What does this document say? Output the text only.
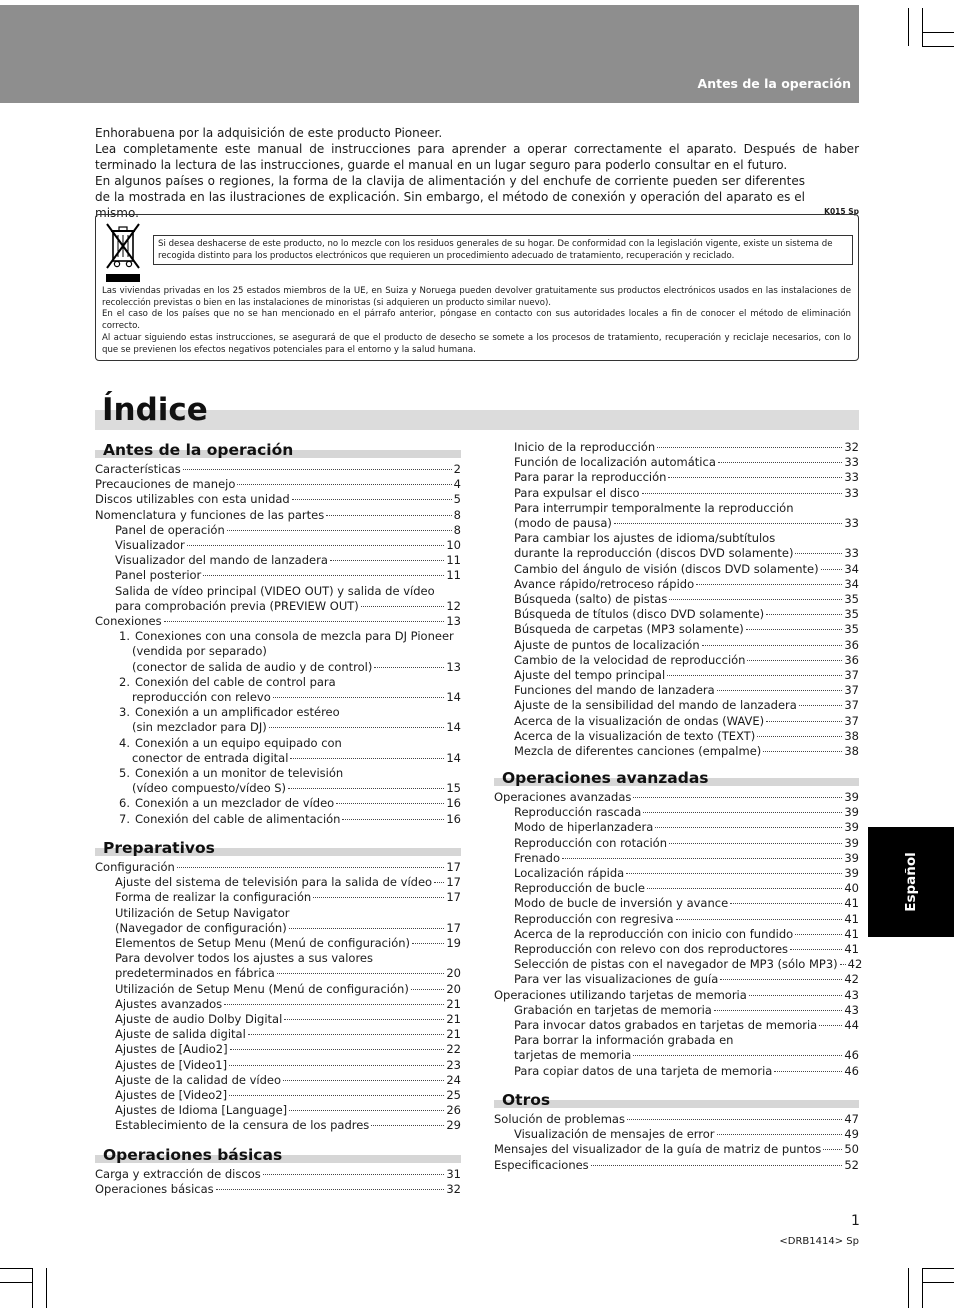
Antes de la operación

Enhorabuena por la adquisición de este producto Pioneer.

Lea completamente este manual de instrucciones para aprender a operar correctamente el aparato. Después de haber terminado la lectura de las instrucciones, guarde el manual en un lugar seguro para poderlo consultar en el futuro.

En algunos países o regiones, la forma de la clavija de alimentación y del enchufe de corriente pueden ser diferentes de la mostrada en las ilustraciones de explicación. Sin embargo, el método de conexión y operación del aparato es el mismo.	K015 Sp
Si desea deshacerse de este producto, no lo mezcle con los residuos generales de su hogar. De conformidad con la legislación vigente, existe un sistema de recogida distinto para los productos electrónicos que requieren un procedimiento adecuado de tratamiento, recuperación y reciclado.

Las viviendas privadas en los 25 estados miembros de la UE, en Suiza y Noruega pueden devolver gratuitamente sus productos electrónicos usados en las instalaciones de recolección previstas o bien en las instalaciones de minoristas (si adquieren un producto similar nuevo).

En el caso de los países que no se han mencionado en el párrafo anterior, póngase en contacto con sus autoridades locales a fin de conocer el método de eliminación correcto.

Al actuar siguiendo estas instrucciones, se asegurará de que el producto de desecho se somete a los procesos de tratamiento, recuperación y reciclaje necesarios, con lo que se previenen los efectos negativos potenciales para el entorno y la salud humana.

Índice
Antes de la operación
Características	2
Precauciones de manejo	4
Discos utilizables con esta unidad	5
Nomenclatura y funciones de las partes	8
Panel de operación	8
Visualizador	10
Visualizador del mando de lanzadera	11
Panel posterior	11
Salida de vídeo principal (VIDEO OUT) y salida de vídeo
para comprobación previa (PREVIEW OUT)	12
Conexiones	13
1. Conexiones con una consola de mezcla para DJ Pioneer
(vendida por separado)
(conector de salida de audio y de control)	13
2. Conexión del cable de control para
reproducción con relevo	14
3. Conexión a un amplificador estéreo
(sin mezclador para DJ)	14
4. Conexión a un equipo equipado con
conector de entrada digital	14
5. Conexión a un monitor de televisión
(vídeo compuesto/vídeo S)	15
6. Conexión a un mezclador de vídeo	16
7. Conexión del cable de alimentación	16
Preparativos
Configuración	17
Ajuste del sistema de televisión para la salida de vídeo 17
Forma de realizar la configuración	17
Utilización de Setup Navigator
(Navegador de configuración)	17
Elementos de Setup Menu (Menú de configuración)	19
Para devolver todos los ajustes a sus valores
predeterminados en fábrica	20
Utilización de Setup Menu (Menú de configuración)	20
Ajustes avanzados	21
Ajuste de audio Dolby Digital	21
Ajuste de salida digital	21
Ajustes de [Audio2]	22
Ajustes de [Video1]	23
Ajuste de la calidad de vídeo	24
Ajustes de [Video2]	25
Ajustes de Idioma [Language]	26
Establecimiento de la censura de los padres	29
Operaciones básicas
Carga y extracción de discos	31
Operaciones básicas	32
Inicio de la reproducción	32
Función de localización automática	33
Para parar la reproducción	33
Para expulsar el disco	33
Para interrumpir temporalmente la reproducción
(modo de pausa)	33
Para cambiar los ajustes de idioma/subtítulos
durante la reproducción (discos DVD solamente)	33
Cambio del ángulo de visión (discos DVD solamente) 34
Avance rápido/retroceso rápido	34
Búsqueda (salto) de pistas	35
Búsqueda de títulos (disco DVD solamente)	35
Búsqueda de carpetas (MP3 solamente)	35
Ajuste de puntos de localización	36
Cambio de la velocidad de reproducción	36
Ajuste del tempo principal	37
Funciones del mando de lanzadera	37
Ajuste de la sensibilidad del mando de lanzadera	37
Acerca de la visualización de ondas (WAVE)	37
Acerca de la visualización de texto (TEXT)	38
Mezcla de diferentes canciones (empalme)	38
Operaciones avanzadas
Operaciones avanzadas	39
Reproducción rascada	39
Modo de hiperlanzadera	39
Reproducción con rotación	39
Frenado	39
Localización rápida	39
Reproducción de bucle	40
Modo de bucle de inversión y avance	41
Reproducción con regresiva	41
Acerca de la reproducción con inicio con fundido	41
Reproducción con relevo con dos reproductores	41
Selección de pistas con el navegador de MP3 (sólo MP3) 42
Para ver las visualizaciones de guía	42
Operaciones utilizando tarjetas de memoria	43
Grabación en tarjetas de memoria	43
Para invocar datos grabados en tarjetas de memoria 44
Para borrar la información grabada en
tarjetas de memoria	46
Para copiar datos de una tarjeta de memoria	46
Otros
Solución de problemas	47
Visualización de mensajes de error	49
Mensajes del visualizador de la guía de matriz de puntos 50
Especificaciones	52
Español
1
<DRB1414> Sp
